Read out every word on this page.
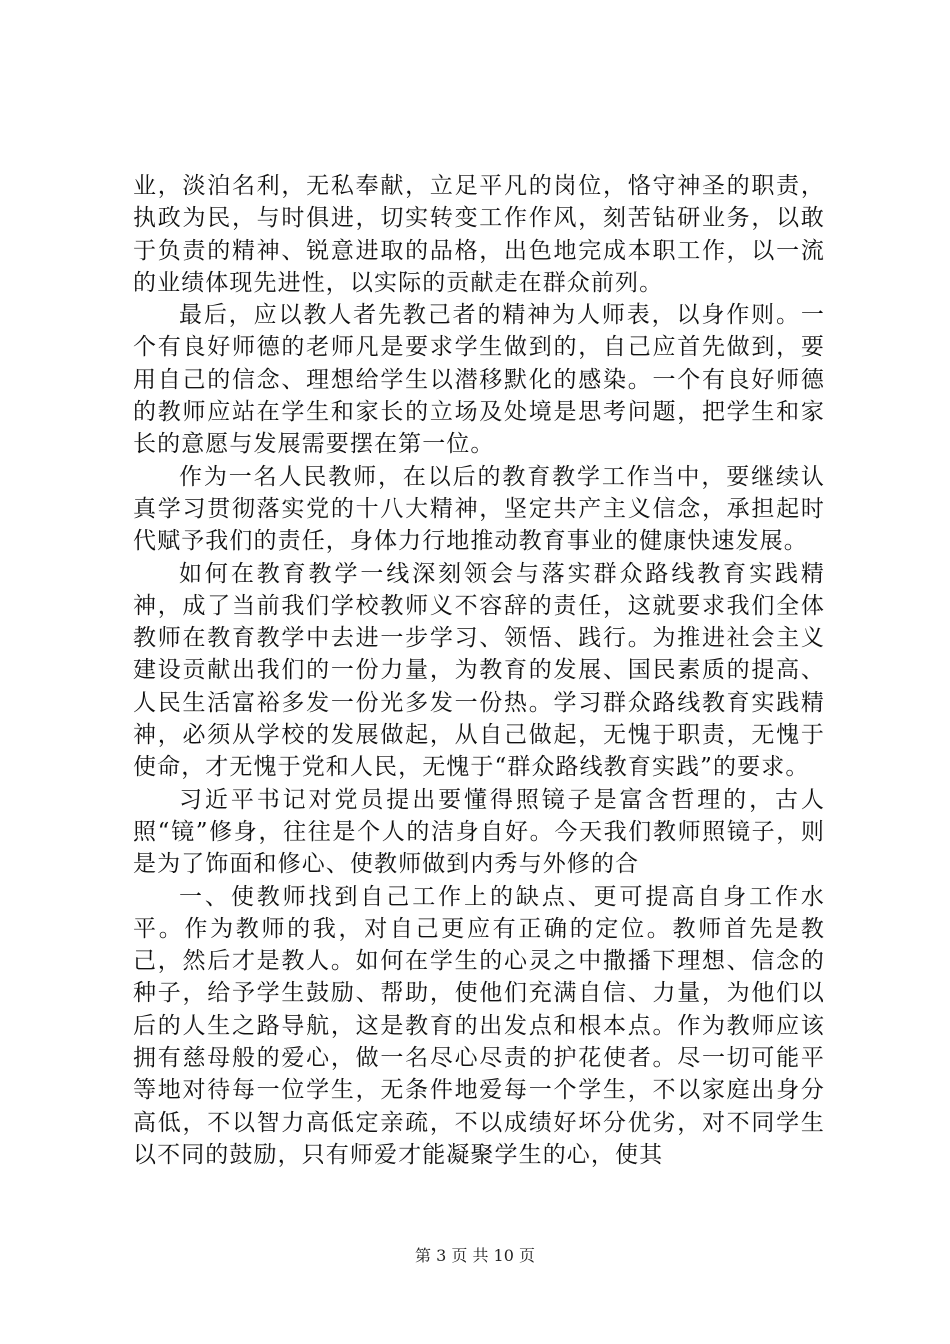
业，淡泊名利，无私奉献，立足平凡的岗位，恪守神圣的职责，执政为民，与时俱进，切实转变工作作风，刻苦钻研业务，以敢于负责的精神、锐意进取的品格，出色地完成本职工作，以一流的业绩体现先进性，以实际的贡献走在群众前列。

最后，应以教人者先教己者的精神为人师表，以身作则。一个有良好师德的老师凡是要求学生做到的，自己应首先做到，要用自己的信念、理想给学生以潜移默化的感染。一个有良好师德的教师应站在学生和家长的立场及处境是思考问题，把学生和家长的意愿与发展需要摆在第一位。

作为一名人民教师，在以后的教育教学工作当中，要继续认真学习贯彻落实党的十八大精神，坚定共产主义信念，承担起时代赋予我们的责任，身体力行地推动教育事业的健康快速发展。

如何在教育教学一线深刻领会与落实群众路线教育实践精神，成了当前我们学校教师义不容辞的责任，这就要求我们全体教师在教育教学中去进一步学习、领悟、践行。为推进社会主义建设贡献出我们的一份力量，为教育的发展、国民素质的提高、人民生活富裕多发一份光多发一份热。学习群众路线教育实践精神，必须从学校的发展做起，从自己做起，无愧于职责，无愧于使命，才无愧于党和人民，无愧于“群众路线教育实践”的要求。

习近平书记对党员提出要懂得照镜子是富含哲理的，古人照“镜”修身，往往是个人的洁身自好。今天我们教师照镜子，则是为了饰面和修心、使教师做到内秀与外修的合

一、使教师找到自己工作上的缺点、更可提高自身工作水平。作为教师的我，对自己更应有正确的定位。教师首先是教己，然后才是教人。如何在学生的心灵之中撒播下理想、信念的种子，给予学生鼓励、帮助，使他们充满自信、力量，为他们以后的人生之路导航，这是教育的出发点和根本点。作为教师应该拥有慈母般的爱心，做一名尽心尽责的护花使者。尽一切可能平等地对待每一位学生，无条件地爱每一个学生，不以家庭出身分高低，不以智力高低定亲疏，不以成绩好坏分优劣，对不同学生以不同的鼓励，只有师爱才能凝聚学生的心，使其

第 3 页 共 10 页
